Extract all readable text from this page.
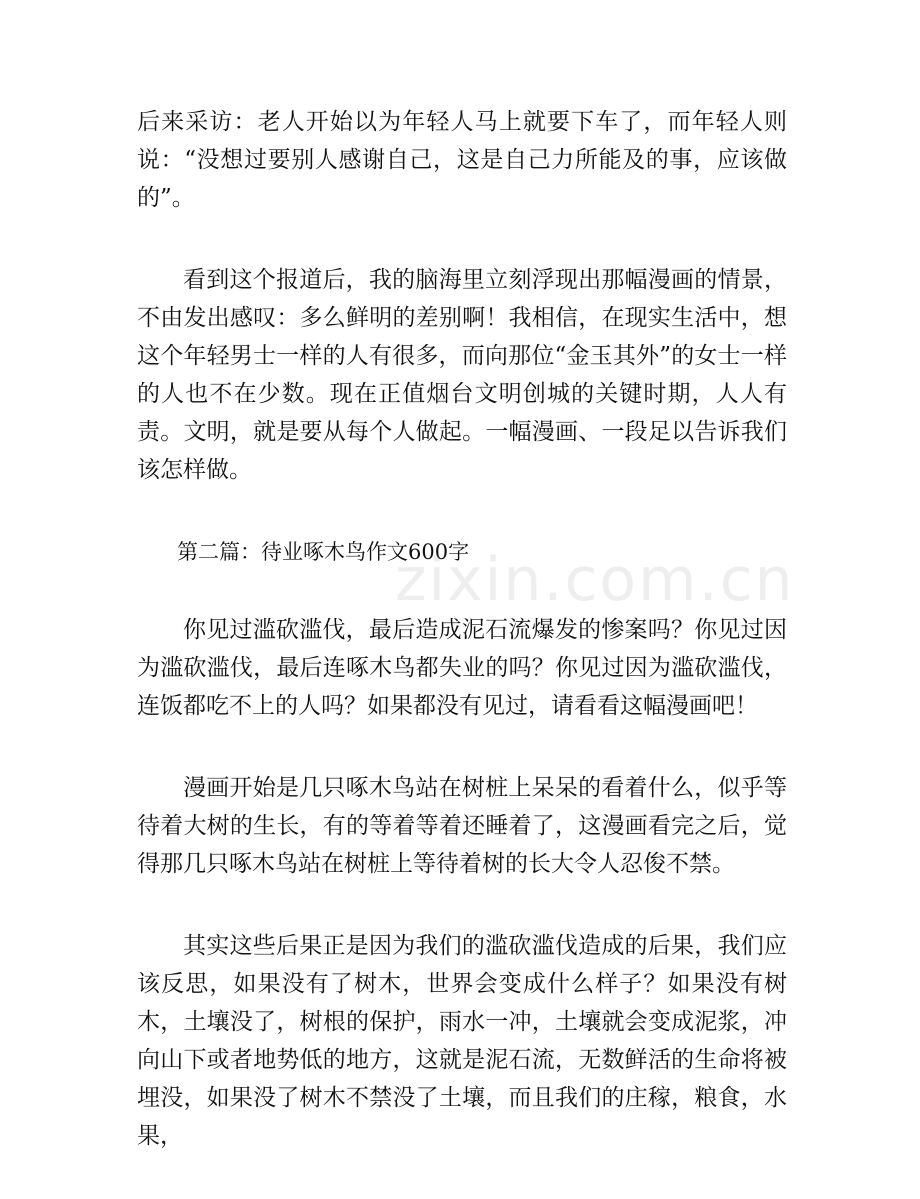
后来采访：老人开始以为年轻人马上就要下车了，而年轻人则说：“没想过要别人感谢自己，这是自己力所能及的事，应该做的”。

看到这个报道后，我的脑海里立刻浮现出那幅漫画的情景，不由发出感叹：多么鲜明的差别啊！我相信，在现实生活中，想这个年轻男士一样的人有很多，而向那位“金玉其外”的女士一样的人也不在少数。现在正值烟台文明创城的关键时期，人人有责。文明，就是要从每个人做起。一幅漫画、一段足以告诉我们该怎样做。

第二篇：待业啄木鸟作文600字

你见过滥砍滥伐，最后造成泥石流爆发的惨案吗？你见过因为滥砍滥伐，最后连啄木鸟都失业的吗？你见过因为滥砍滥伐，连饭都吃不上的人吗？如果都没有见过，请看看这幅漫画吧！

漫画开始是几只啄木鸟站在树桩上呆呆的看着什么，似乎等待着大树的生长，有的等着等着还睡着了，这漫画看完之后，觉得那几只啄木鸟站在树桩上等待着树的长大令人忍俊不禁。

其实这些后果正是因为我们的滥砍滥伐造成的后果，我们应该反思，如果没有了树木，世界会变成什么样子？如果没有树木，土壤没了，树根的保护，雨水一冲，土壤就会变成泥浆，冲向山下或者地势低的地方，这就是泥石流，无数鲜活的生命将被埋没，如果没了树木不禁没了土壤，而且我们的庄稼，粮食，水果，

zixin.com.cn
